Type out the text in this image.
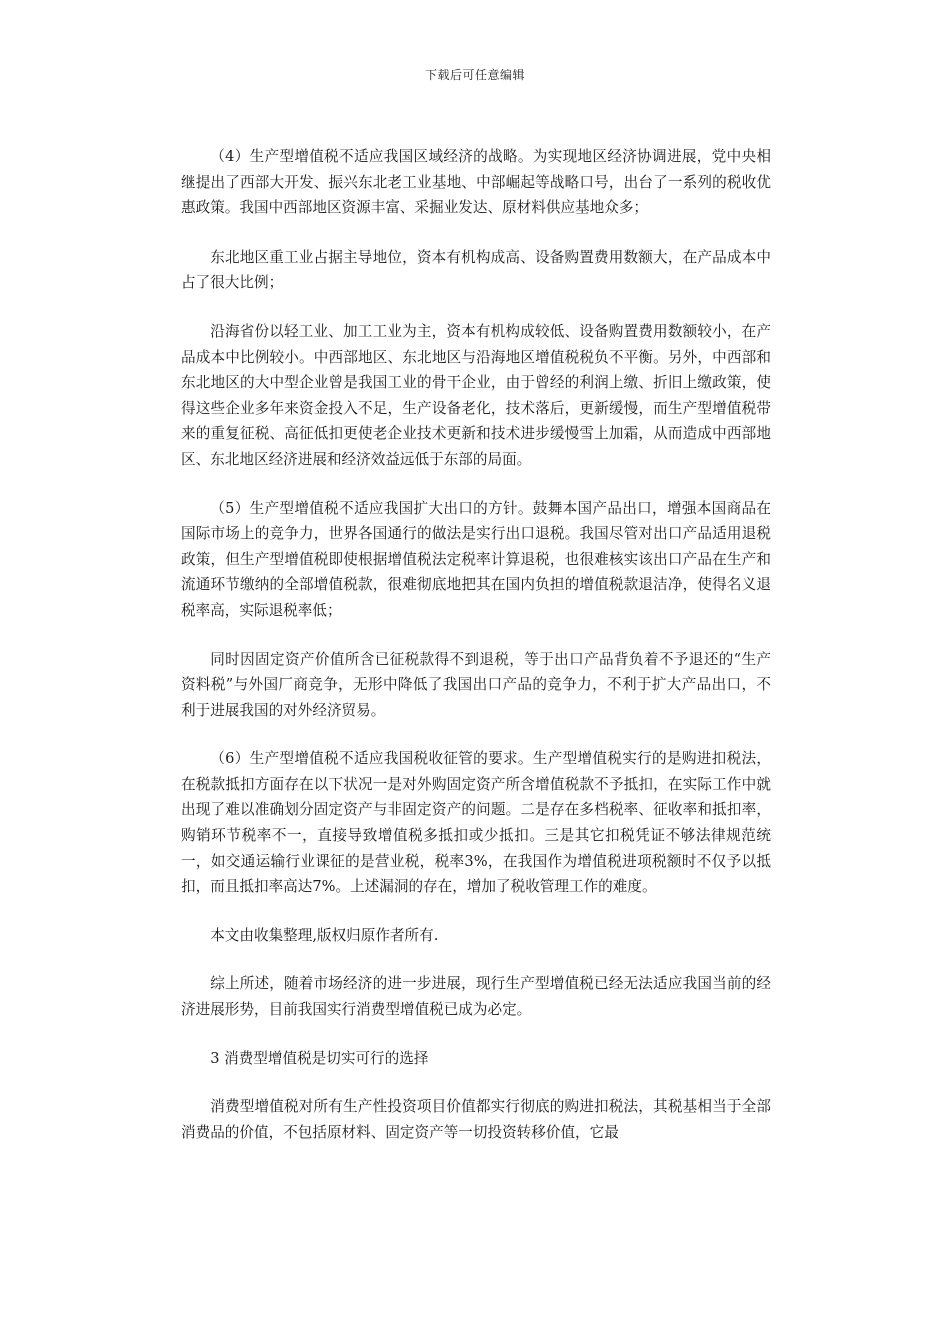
下载后可任意编辑

（4）生产型增值税不适应我国区域经济的战略。为实现地区经济协调进展，党中央相继提出了西部大开发、振兴东北老工业基地、中部崛起等战略口号，出台了一系列的税收优惠政策。我国中西部地区资源丰富、采掘业发达、原材料供应基地众多；

东北地区重工业占据主导地位，资本有机构成高、设备购置费用数额大，在产品成本中占了很大比例；

沿海省份以轻工业、加工工业为主，资本有机构成较低、设备购置费用数额较小，在产品成本中比例较小。中西部地区、东北地区与沿海地区增值税税负不平衡。另外，中西部和东北地区的大中型企业曾是我国工业的骨干企业，由于曾经的利润上缴、折旧上缴政策，使得这些企业多年来资金投入不足，生产设备老化，技术落后，更新缓慢，而生产型增值税带来的重复征税、高征低扣更使老企业技术更新和技术进步缓慢雪上加霜，从而造成中西部地区、东北地区经济进展和经济效益远低于东部的局面。

（5）生产型增值税不适应我国扩大出口的方针。鼓舞本国产品出口，增强本国商品在国际市场上的竞争力，世界各国通行的做法是实行出口退税。我国尽管对出口产品适用退税政策，但生产型增值税即使根据增值税法定税率计算退税，也很难核实该出口产品在生产和流通环节缴纳的全部增值税款，很难彻底地把其在国内负担的增值税款退洁净，使得名义退税率高，实际退税率低；

同时因固定资产价值所含已征税款得不到退税，等于出口产品背负着不予退还的“生产资料税”与外国厂商竞争，无形中降低了我国出口产品的竞争力，不利于扩大产品出口，不利于进展我国的对外经济贸易。

（6）生产型增值税不适应我国税收征管的要求。生产型增值税实行的是购进扣税法，在税款抵扣方面存在以下状况一是对外购固定资产所含增值税款不予抵扣，在实际工作中就出现了难以准确划分固定资产与非固定资产的问题。二是存在多档税率、征收率和抵扣率，购销环节税率不一，直接导致增值税多抵扣或少抵扣。三是其它扣税凭证不够法律规范统一，如交通运输行业课征的是营业税，税率3%，在我国作为增值税进项税额时不仅予以抵扣，而且抵扣率高达7%。上述漏洞的存在，增加了税收管理工作的难度。

本文由收集整理,版权归原作者所有.

综上所述，随着市场经济的进一步进展，现行生产型增值税已经无法适应我国当前的经济进展形势，目前我国实行消费型增值税已成为必定。

3 消费型增值税是切实可行的选择

消费型增值税对所有生产性投资项目价值都实行彻底的购进扣税法，其税基相当于全部消费品的价值，不包括原材料、固定资产等一切投资转移价值，它最
